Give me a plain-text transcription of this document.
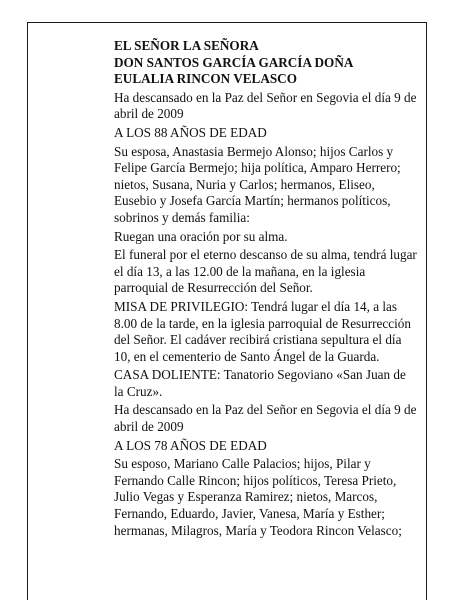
EL SEÑOR LA SEÑORA

DON SANTOS GARCÍA GARCÍA DOÑA

EULALIA RINCON VELASCO

Ha descansado en la Paz del Señor en Segovia el día 9 de abril de 2009

A LOS 88 AÑOS DE EDAD

Su esposa, Anastasia Bermejo Alonso; hijos Carlos y Felipe García Bermejo; hija política, Amparo Herrero; nietos, Susana, Nuria y Carlos; hermanos, Eliseo, Eusebio y Josefa García Martín; hermanos políticos, sobrinos y demás familia:

Ruegan una oración por su alma.

El funeral por el eterno descanso de su alma, tendrá lugar el día 13, a las 12.00 de la mañana, en la iglesia parroquial de Resurrección del Señor.

MISA DE PRIVILEGIO: Tendrá lugar el día 14, a las 8.00 de la tarde, en la iglesia parroquial de Resurrección del Señor. El cadáver recibirá cristiana sepultura el día 10, en el cementerio de Santo Ángel de la Guarda.

CASA DOLIENTE: Tanatorio Segoviano «San Juan de la Cruz».

Ha descansado en la Paz del Señor en Segovia el día 9 de abril de 2009

A LOS 78 AÑOS DE EDAD

Su esposo, Mariano Calle Palacios; hijos, Pilar y Fernando Calle Rincon; hijos políticos, Teresa Prieto, Julio Vegas y Esperanza Ramirez; nietos, Marcos, Fernando, Eduardo, Javier, Vanesa, María y Esther; hermanas, Milagros, María y Teodora Rincon Velasco;
